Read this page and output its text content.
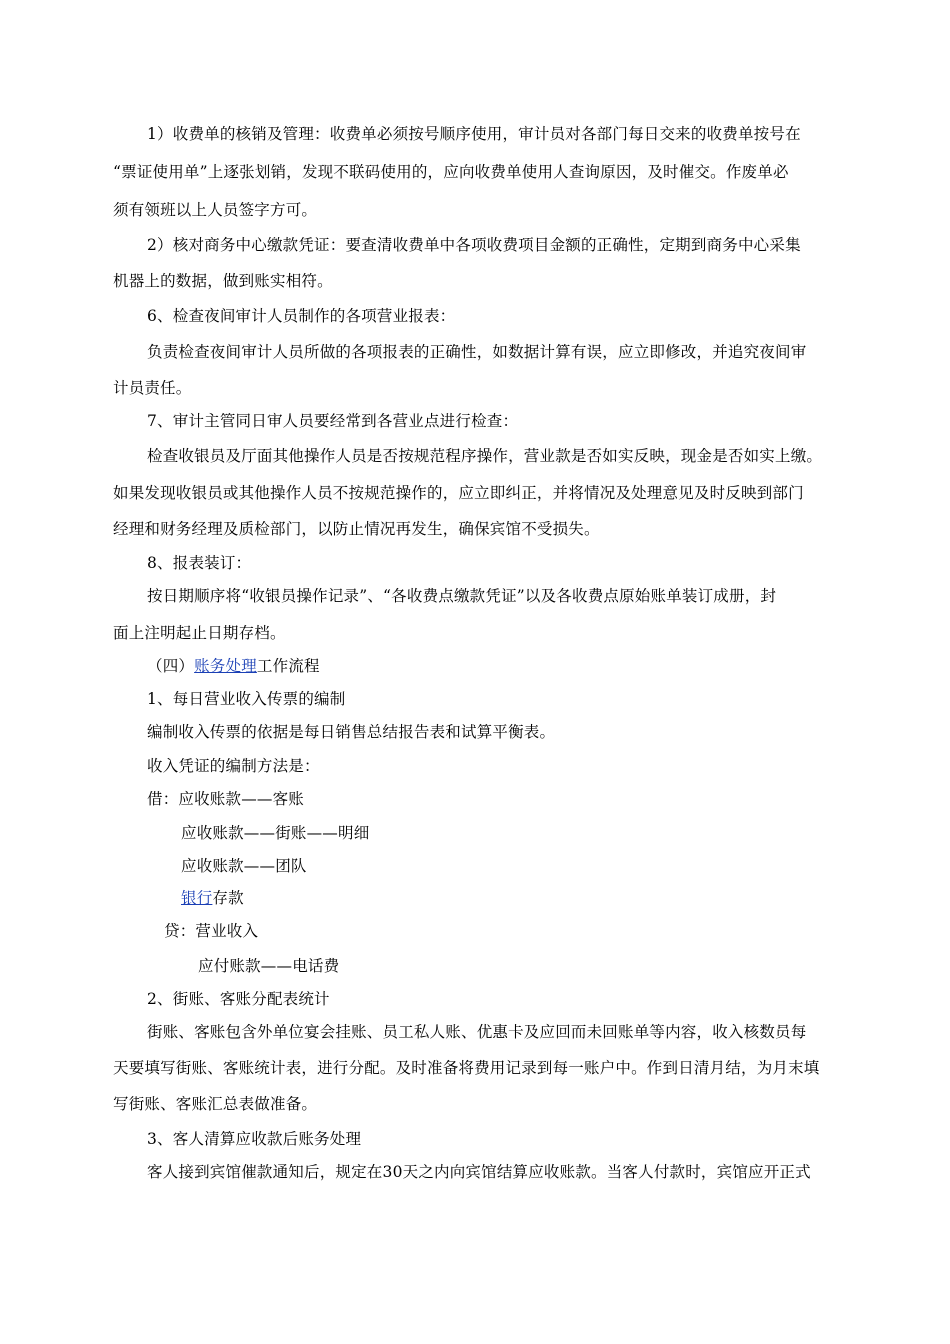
1）收费单的核销及管理：收费单必须按号顺序使用，审计员对各部门每日交来的收费单按号在
“票证使用单”上逐张划销，发现不联码使用的，应向收费单使用人查询原因，及时催交。作废单必
须有领班以上人员签字方可。
2）核对商务中心缴款凭证：要查清收费单中各项收费项目金额的正确性，定期到商务中心采集
机器上的数据，做到账实相符。
6、检查夜间审计人员制作的各项营业报表：
负责检查夜间审计人员所做的各项报表的正确性，如数据计算有误，应立即修改，并追究夜间审
计员责任。
7、审计主管同日审人员要经常到各营业点进行检查：
检查收银员及厅面其他操作人员是否按规范程序操作，营业款是否如实反映，现金是否如实上缴。
如果发现收银员或其他操作人员不按规范操作的，应立即纠正，并将情况及处理意见及时反映到部门
经理和财务经理及质检部门，以防止情况再发生，确保宾馆不受损失。
8、报表装订：
按日期顺序将“收银员操作记录”、“各收费点缴款凭证”以及各收费点原始账单装订成册，封
面上注明起止日期存档。
（四）账务处理工作流程
1、每日营业收入传票的编制
编制收入传票的依据是每日销售总结报告表和试算平衡表。
收入凭证的编制方法是：
借：应收账款——客账
应收账款——街账——明细
应收账款——团队
银行存款
贷：营业收入
应付账款——电话费
2、街账、客账分配表统计
街账、客账包含外单位宴会挂账、员工私人账、优惠卡及应回而未回账单等内容，收入核数员每
天要填写街账、客账统计表，进行分配。及时准备将费用记录到每一账户中。作到日清月结，为月末填
写街账、客账汇总表做准备。
3、客人清算应收款后账务处理
客人接到宾馆催款通知后，规定在30天之内向宾馆结算应收账款。当客人付款时，宾馆应开正式
